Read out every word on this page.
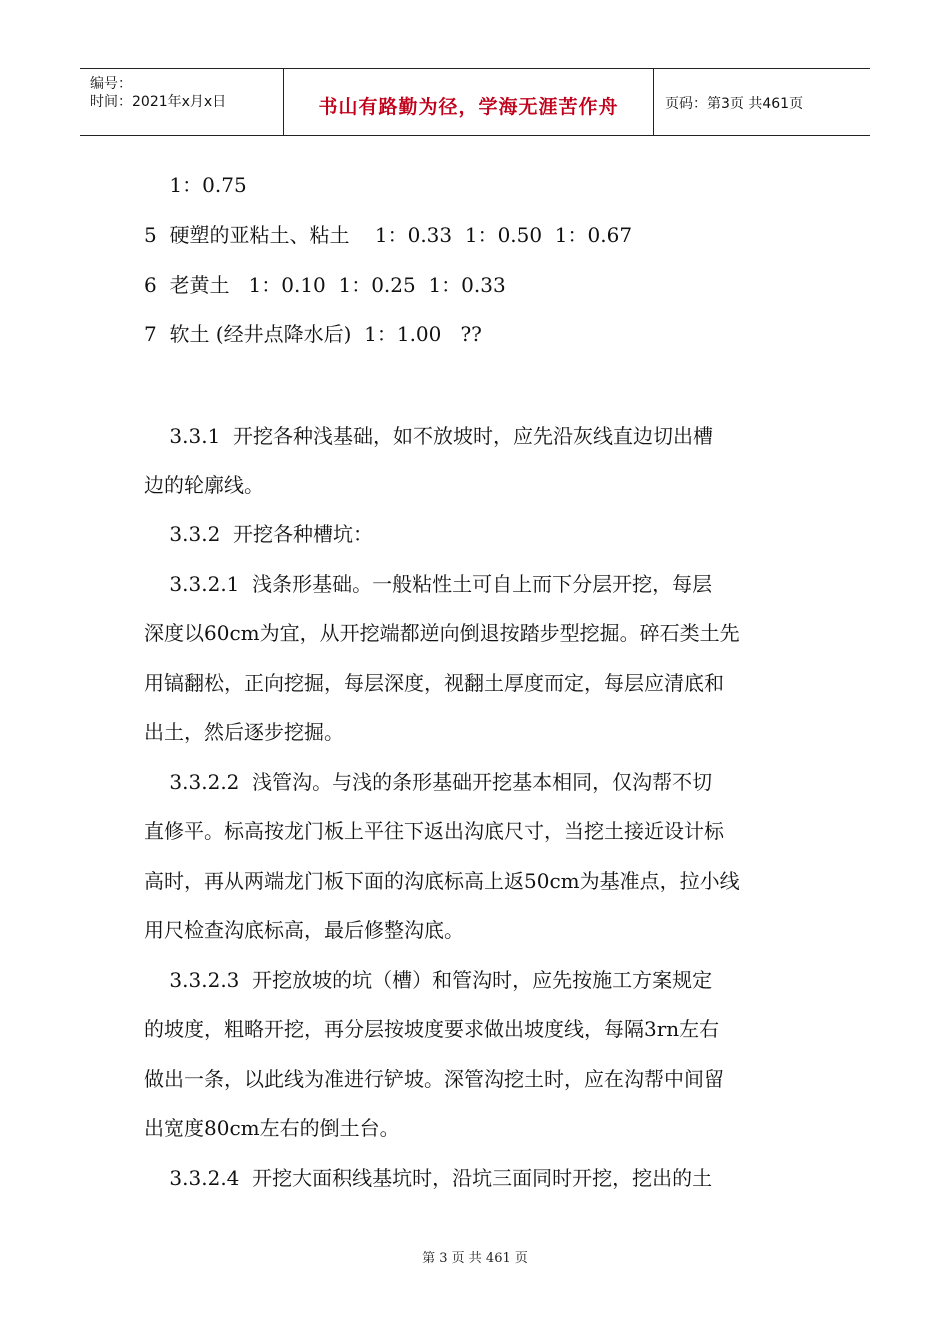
编号：
时间：2021年x月x日	书山有路勤为径，学海无涯苦作舟	页码：第3页 共461页
1：0.75
5  硬塑的亚粘土、粘土    1：0.33  1：0.50  1：0.67
6  老黄土   1：0.10  1：0.25  1：0.33
7  软土 (经井点降水后)  1：1.00   ??
3.3.1  开挖各种浅基础，如不放坡时，应先沿灰线直边切出槽
边的轮廓线。
3.3.2  开挖各种槽坑：
3.3.2.1  浅条形基础。一般粘性土可自上而下分层开挖，每层
深度以60cm为宜，从开挖端都逆向倒退按踏步型挖掘。碎石类土先
用镐翻松，正向挖掘，每层深度，视翻土厚度而定，每层应清底和
出土，然后逐步挖掘。
3.3.2.2  浅管沟。与浅的条形基础开挖基本相同，仅沟帮不切
直修平。标高按龙门板上平往下返出沟底尺寸，当挖土接近设计标
高时，再从两端龙门板下面的沟底标高上返50cm为基准点，拉小线
用尺检查沟底标高，最后修整沟底。
3.3.2.3  开挖放坡的坑（槽）和管沟时，应先按施工方案规定
的坡度，粗略开挖，再分层按坡度要求做出坡度线，每隔3rn左右
做出一条，以此线为准进行铲坡。深管沟挖土时，应在沟帮中间留
出宽度80cm左右的倒土台。
3.3.2.4  开挖大面积线基坑时，沿坑三面同时开挖，挖出的土
第 3 页 共 461 页
